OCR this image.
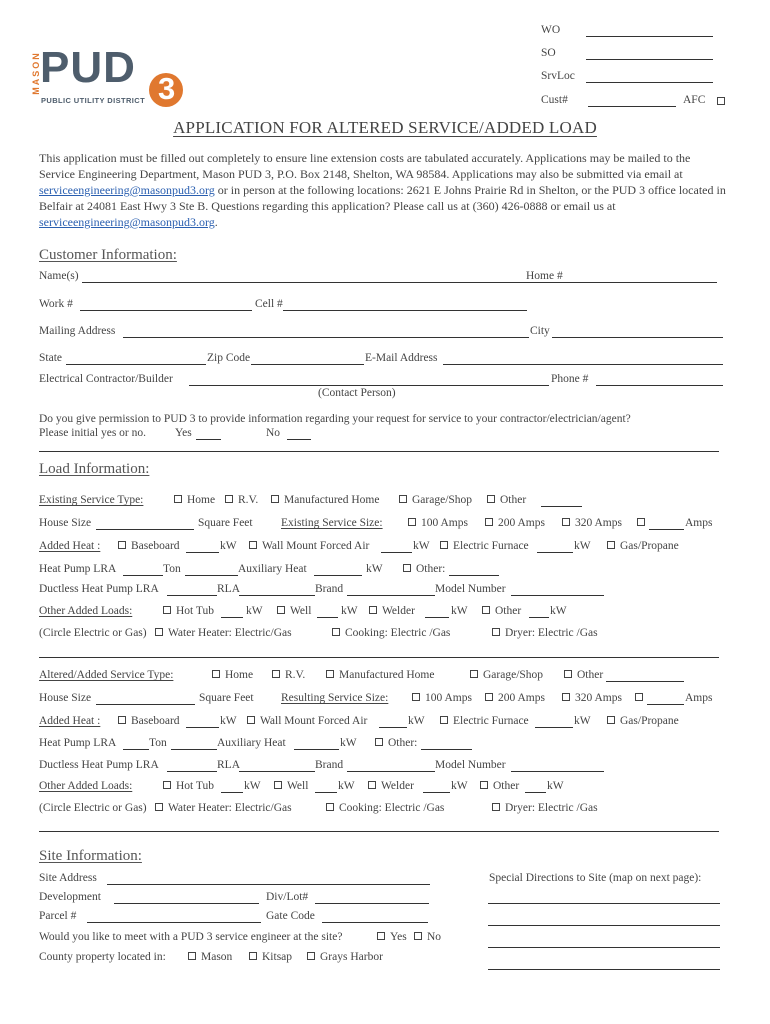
MASON PUD
PUBLIC UTILITY DISTRICT 3
WO
SO
SrvLoc
Cust#	AFC
APPLICATION FOR ALTERED SERVICE/ADDED LOAD
This application must be filled out completely to ensure line extension costs are tabulated accurately. Applications may be mailed to the Service Engineering Department, Mason PUD 3, P.O. Box 2148, Shelton, WA 98584. Applications may also be submitted via email at serviceengineering@masonpud3.org or in person at the following locations: 2621 E Johns Prairie Rd in Shelton, or the PUD 3 office located in Belfair at 24081 East Hwy 3 Ste B. Questions regarding this application? Please call us at (360) 426-0888 or email us at serviceengineering@masonpud3.org.
Customer Information:
Name(s)	Home #
Work #	Cell #
Mailing Address	City
State	Zip Code	E-Mail Address
Electrical Contractor/Builder	Phone #
(Contact Person)
Do you give permission to PUD 3 to provide information regarding your request for service to your contractor/electrician/agent?
Please initial yes or no.	Yes	No
Load Information:
Existing Service Type:	Home	R.V.	Manufactured Home	Garage/Shop	Other
House Size	Square Feet Existing Service Size:	100 Amps	200 Amps	320 Amps	Amps
Added Heat :	Baseboard	kW	Wall Mount Forced Air	kW	Electric Furnace	kW	Gas/Propane
Heat Pump LRA	Ton	Auxiliary Heat	kW	Other:
Ductless Heat Pump LRA	RLA	Brand	Model Number
Other Added Loads:	Hot Tub	kW	Well	kW	Welder	kW	Other	kW
(Circle Electric or Gas)	Water Heater: Electric/Gas	Cooking: Electric /Gas	Dryer: Electric /Gas
Altered/Added Service Type:	Home	R.V.	Manufactured Home	Garage/Shop	Other
House Size	Square Feet Resulting Service Size:	100 Amps	200 Amps	320 Amps	Amps
Added Heat :	Baseboard	kW	Wall Mount Forced Air	kW	Electric Furnace	kW	Gas/Propane
Heat Pump LRA	Ton	Auxiliary Heat	kW	Other:
Ductless Heat Pump LRA	RLA	Brand	Model Number
Other Added Loads:	Hot Tub	kW	Well	kW	Welder	kW	Other kW
(Circle Electric or Gas)	Water Heater: Electric/Gas	Cooking: Electric /Gas	Dryer: Electric /Gas
Site Information:
Site Address
Development	Div/Lot#
Parcel #	Gate Code
Would you like to meet with a PUD 3 service engineer at the site?	Yes	No
County property located in:	Mason	Kitsap	Grays Harbor
Special Directions to Site (map on next page):
